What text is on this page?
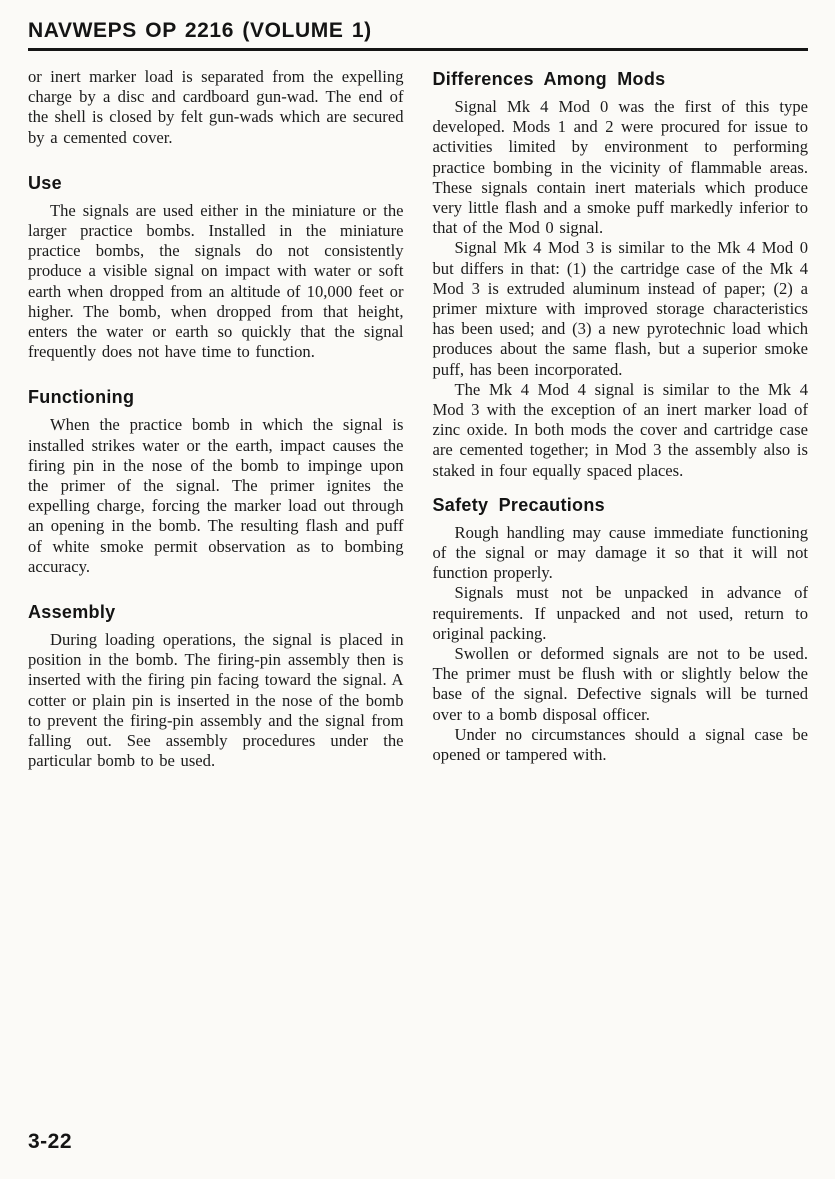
NAVWEPS OP 2216 (VOLUME 1)

or inert marker load is separated from the expelling charge by a disc and cardboard gun-wad. The end of the shell is closed by felt gun-wads which are secured by a cemented cover.

Use

The signals are used either in the miniature or the larger practice bombs. Installed in the miniature practice bombs, the signals do not consistently produce a visible signal on impact with water or soft earth when dropped from an altitude of 10,000 feet or higher. The bomb, when dropped from that height, enters the water or earth so quickly that the signal frequently does not have time to function.

Functioning

When the practice bomb in which the signal is installed strikes water or the earth, impact causes the firing pin in the nose of the bomb to impinge upon the primer of the signal. The primer ignites the expelling charge, forcing the marker load out through an opening in the bomb. The resulting flash and puff of white smoke permit observation as to bombing accuracy.

Assembly

During loading operations, the signal is placed in position in the bomb. The firing-pin assembly then is inserted with the firing pin facing toward the signal. A cotter or plain pin is inserted in the nose of the bomb to prevent the firing-pin assembly and the signal from falling out. See assembly procedures under the particular bomb to be used.

Differences Among Mods

Signal Mk 4 Mod 0 was the first of this type developed. Mods 1 and 2 were procured for issue to activities limited by environment to performing practice bombing in the vicinity of flammable areas. These signals contain inert materials which produce very little flash and a smoke puff markedly inferior to that of the Mod 0 signal.

Signal Mk 4 Mod 3 is similar to the Mk 4 Mod 0 but differs in that: (1) the cartridge case of the Mk 4 Mod 3 is extruded aluminum instead of paper; (2) a primer mixture with improved storage characteristics has been used; and (3) a new pyrotechnic load which produces about the same flash, but a superior smoke puff, has been incorporated.

The Mk 4 Mod 4 signal is similar to the Mk 4 Mod 3 with the exception of an inert marker load of zinc oxide. In both mods the cover and cartridge case are cemented together; in Mod 3 the assembly also is staked in four equally spaced places.

Safety Precautions

Rough handling may cause immediate functioning of the signal or may damage it so that it will not function properly.

Signals must not be unpacked in advance of requirements. If unpacked and not used, return to original packing.

Swollen or deformed signals are not to be used. The primer must be flush with or slightly below the base of the signal. Defective signals will be turned over to a bomb disposal officer.

Under no circumstances should a signal case be opened or tampered with.

3-22
